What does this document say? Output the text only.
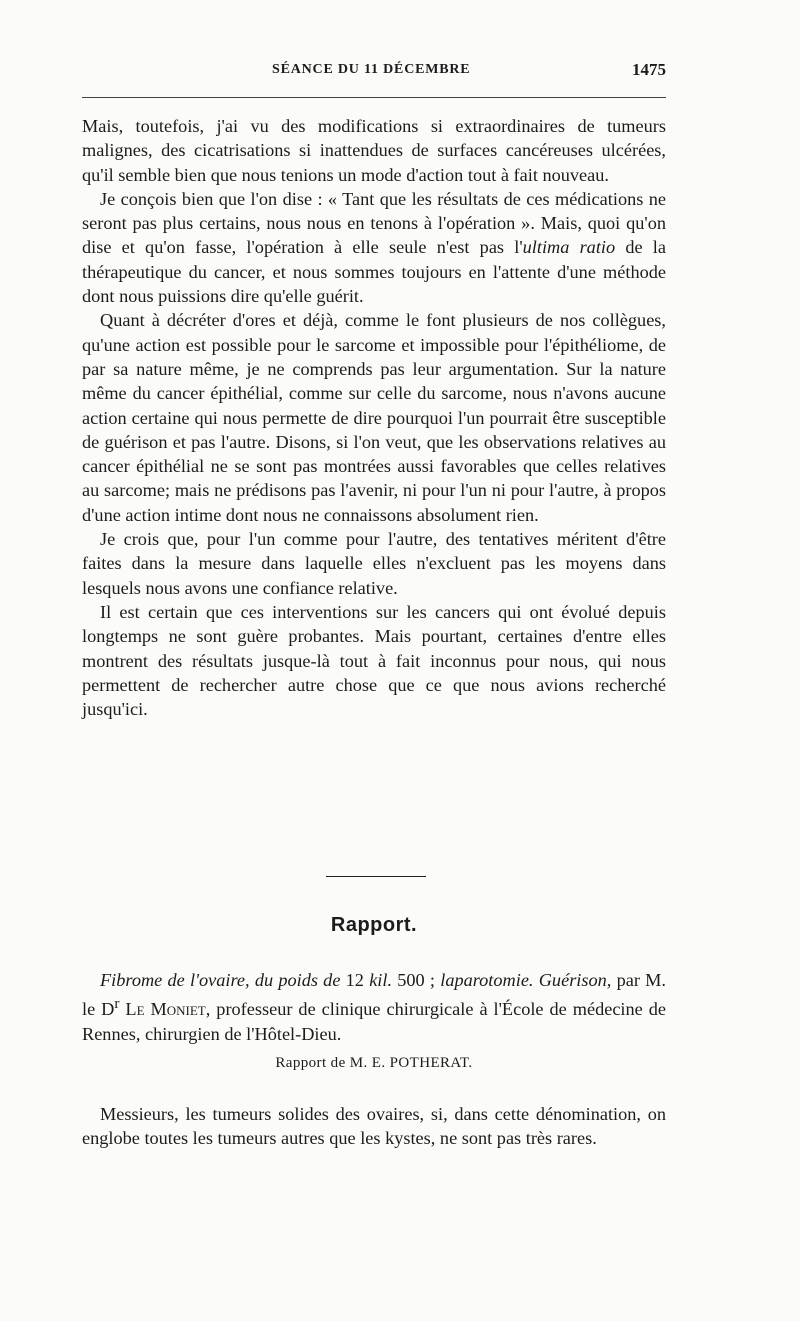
SÉANCE DU 11 DÉCEMBRE	1475

Mais, toutefois, j'ai vu des modifications si extraordinaires de tumeurs malignes, des cicatrisations si inattendues de surfaces cancéreuses ulcérées, qu'il semble bien que nous tenions un mode d'action tout à fait nouveau.

Je conçois bien que l'on dise : « Tant que les résultats de ces médications ne seront pas plus certains, nous nous en tenons à l'opération ». Mais, quoi qu'on dise et qu'on fasse, l'opération à elle seule n'est pas l'ultima ratio de la thérapeutique du cancer, et nous sommes toujours en l'attente d'une méthode dont nous puissions dire qu'elle guérit.

Quant à décréter d'ores et déjà, comme le font plusieurs de nos collègues, qu'une action est possible pour le sarcome et impossible pour l'épithéliome, de par sa nature même, je ne comprends pas leur argumentation. Sur la nature même du cancer épithélial, comme sur celle du sarcome, nous n'avons aucune action certaine qui nous permette de dire pourquoi l'un pourrait être susceptible de guérison et pas l'autre. Disons, si l'on veut, que les observations relatives au cancer épithélial ne se sont pas montrées aussi favorables que celles relatives au sarcome; mais ne prédisons pas l'avenir, ni pour l'un ni pour l'autre, à propos d'une action intime dont nous ne connaissons absolument rien.

Je crois que, pour l'un comme pour l'autre, des tentatives méritent d'être faites dans la mesure dans laquelle elles n'excluent pas les moyens dans lesquels nous avons une confiance relative.

Il est certain que ces interventions sur les cancers qui ont évolué depuis longtemps ne sont guère probantes. Mais pourtant, certaines d'entre elles montrent des résultats jusque-là tout à fait inconnus pour nous, qui nous permettent de rechercher autre chose que ce que nous avions recherché jusqu'ici.

Rapport.

Fibrome de l'ovaire, du poids de 12 kil. 500 ; laparotomie. Guérison, par M. le $D^r$ Le Moniet, professeur de clinique chirurgicale à l'École de médecine de Rennes, chirurgien de l'Hôtel-Dieu.

Rapport de M. E. POTHERAT.

Messieurs, les tumeurs solides des ovaires, si, dans cette dénomination, on englobe toutes les tumeurs autres que les kystes, ne sont pas très rares.
